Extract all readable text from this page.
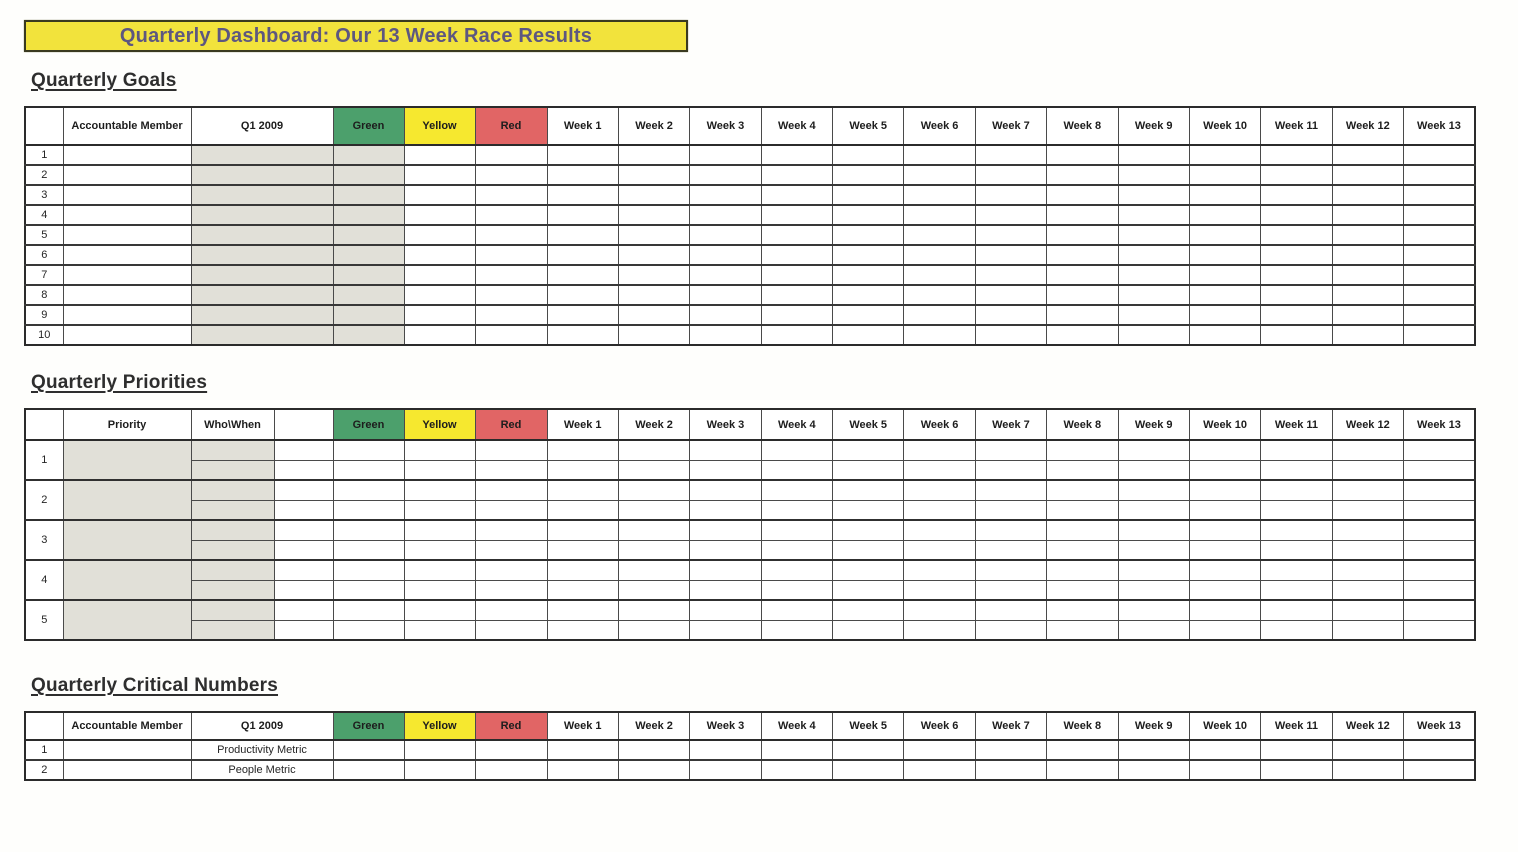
Quarterly Dashboard: Our 13 Week Race Results
Quarterly Goals
	Accountable Member	Q1 2009	Green	Yellow	Red	Week 1	Week 2	Week 3	Week 4	Week 5	Week 6	Week 7	Week 8	Week 9	Week 10	Week 11	Week 12	Week 13
1																		
2																		
3																		
4																		
5																		
6																		
7																		
8																		
9																		
10																		
Quarterly Priorities
	Priority	Who\When		Green	Yellow	Red	Week 1	Week 2	Week 3	Week 4	Week 5	Week 6	Week 7	Week 8	Week 9	Week 10	Week 11	Week 12	Week 13
1																			

2																			

3																			

4																			

5																			

Quarterly Critical Numbers
	Accountable Member	Q1 2009	Green	Yellow	Red	Week 1	Week 2	Week 3	Week 4	Week 5	Week 6	Week 7	Week 8	Week 9	Week 10	Week 11	Week 12	Week 13
1		Productivity Metric																
2		People Metric																
